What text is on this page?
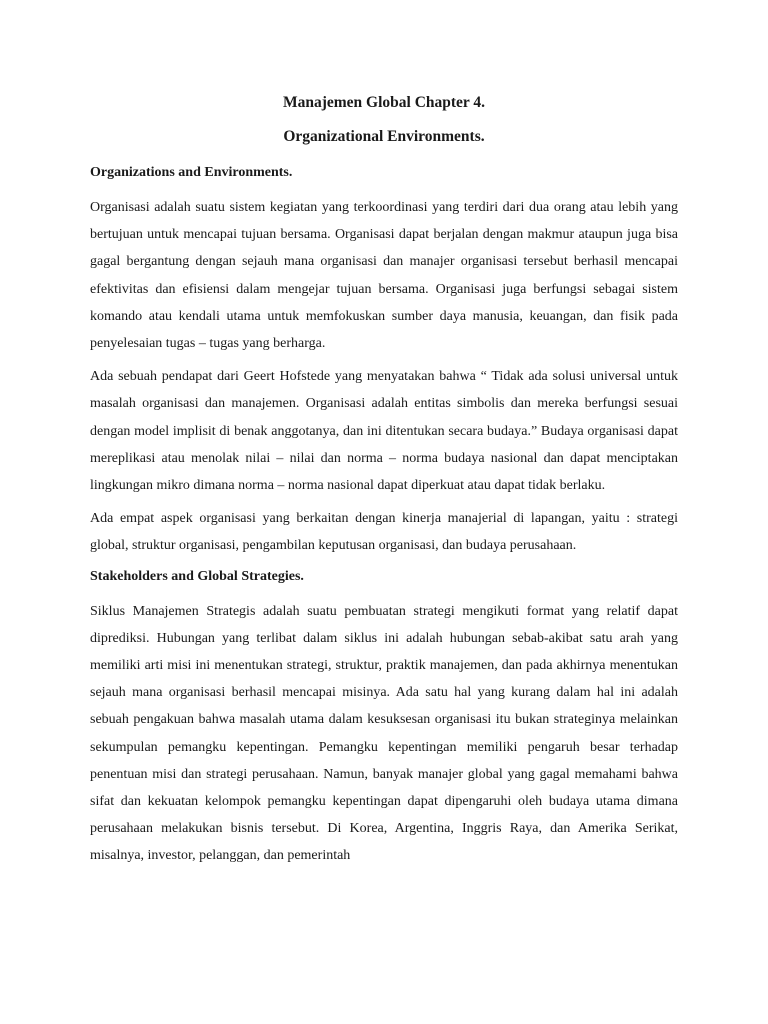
Manajemen Global Chapter 4.
Organizational Environments.
Organizations and Environments.

Organisasi adalah suatu sistem kegiatan yang terkoordinasi yang terdiri dari dua orang atau lebih yang bertujuan untuk mencapai tujuan bersama. Organisasi dapat berjalan dengan makmur ataupun juga bisa gagal bergantung dengan sejauh mana organisasi dan manajer organisasi tersebut berhasil mencapai efektivitas dan efisiensi dalam mengejar tujuan bersama. Organisasi juga berfungsi sebagai sistem komando atau kendali utama untuk memfokuskan sumber daya manusia, keuangan, dan fisik pada penyelesaian tugas – tugas yang berharga.

Ada sebuah pendapat dari Geert Hofstede yang menyatakan bahwa “ Tidak ada solusi universal untuk masalah organisasi dan manajemen. Organisasi adalah entitas simbolis dan mereka berfungsi sesuai dengan model implisit di benak anggotanya, dan ini ditentukan secara budaya.” Budaya organisasi dapat mereplikasi atau menolak nilai – nilai dan norma – norma budaya nasional dan dapat menciptakan lingkungan mikro dimana norma – norma nasional dapat diperkuat atau dapat tidak berlaku.

Ada empat aspek organisasi yang berkaitan dengan kinerja manajerial di lapangan, yaitu : strategi global, struktur organisasi, pengambilan keputusan organisasi, dan budaya perusahaan.

Stakeholders and Global Strategies.

Siklus Manajemen Strategis adalah suatu pembuatan strategi mengikuti format yang relatif dapat diprediksi. Hubungan yang terlibat dalam siklus ini adalah hubungan sebab-akibat satu arah yang memiliki arti misi ini menentukan strategi, struktur, praktik manajemen, dan pada akhirnya menentukan sejauh mana organisasi berhasil mencapai misinya. Ada satu hal yang kurang dalam hal ini adalah sebuah pengakuan bahwa masalah utama dalam kesuksesan organisasi itu bukan strateginya melainkan sekumpulan pemangku kepentingan. Pemangku kepentingan memiliki pengaruh besar terhadap penentuan misi dan strategi perusahaan. Namun, banyak manajer global yang gagal memahami bahwa sifat dan kekuatan kelompok pemangku kepentingan dapat dipengaruhi oleh budaya utama dimana perusahaan melakukan bisnis tersebut. Di Korea, Argentina, Inggris Raya, dan Amerika Serikat, misalnya, investor, pelanggan, dan pemerintah
